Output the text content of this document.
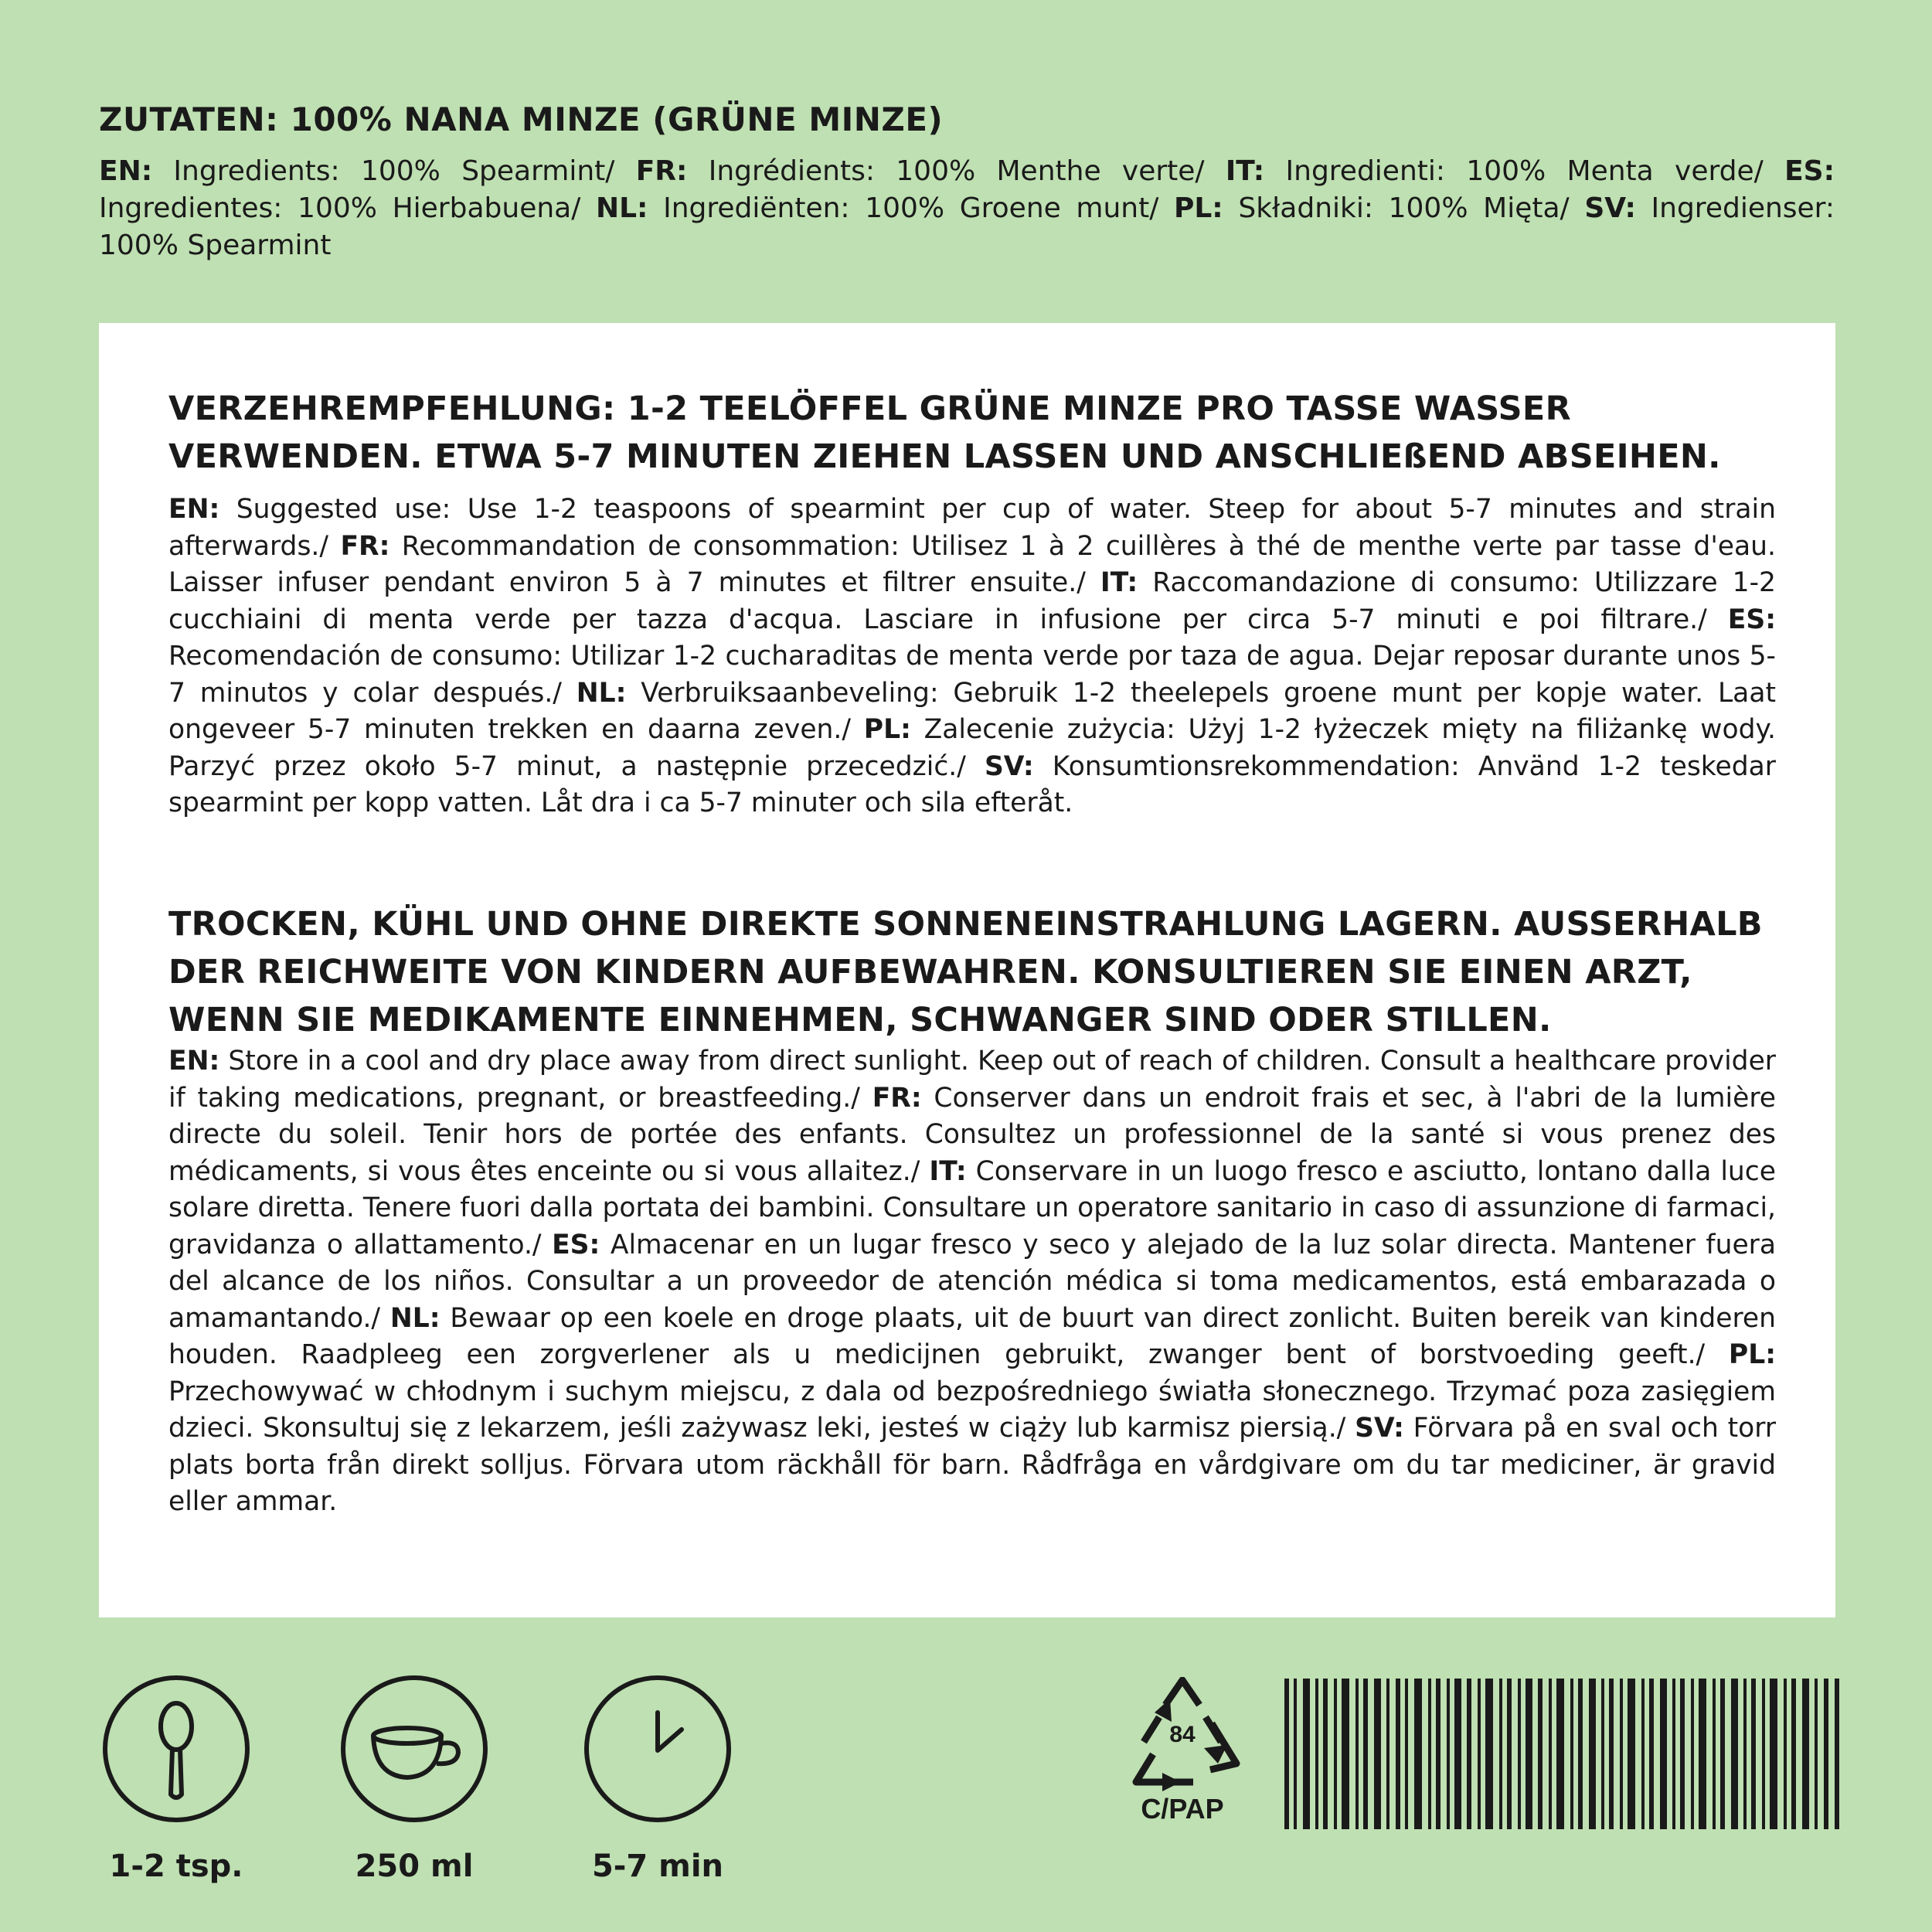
ZUTATEN: 100% NANA MINZE (GRÜNE MINZE)

EN: Ingredients: 100% Spearmint/ FR: Ingrédients: 100% Menthe verte/ IT: Ingredienti: 100% Menta verde/ ES: Ingredientes: 100% Hierbabuena/ NL: Ingrediënten: 100% Groene munt/ PL: Składniki: 100% Mięta/ SV: Ingredienser: 100% Spearmint

VERZEHREMPFEHLUNG: 1-2 TEELÖFFEL GRÜNE MINZE PRO TASSE WASSER VERWENDEN. ETWA 5-7 MINUTEN ZIEHEN LASSEN UND ANSCHLIEßEND ABSEIHEN.

EN: Suggested use: Use 1-2 teaspoons of spearmint per cup of water. Steep for about 5-7 minutes and strain afterwards./ FR: Recommandation de consommation: Utilisez 1 à 2 cuillères à thé de menthe verte par tasse d'eau. Laisser infuser pendant environ 5 à 7 minutes et filtrer ensuite./ IT: Raccomandazione di consumo: Utilizzare 1-2 cucchiaini di menta verde per tazza d'acqua. Lasciare in infusione per circa 5-7 minuti e poi filtrare./ ES: Recomendación de consumo: Utilizar 1-2 cucharaditas de menta verde por taza de agua. Dejar reposar durante unos 5-7 minutos y colar después./ NL: Verbruiksaanbeveling: Gebruik 1-2 theelepels groene munt per kopje water. Laat ongeveer 5-7 minuten trekken en daarna zeven./ PL: Zalecenie zużycia: Użyj 1-2 łyżeczek mięty na filiżankę wody. Parzyć przez około 5-7 minut, a następnie przecedzić./ SV: Konsumtionsrekommendation: Använd 1-2 teskedar spearmint per kopp vatten. Låt dra i ca 5-7 minuter och sila efteråt.

TROCKEN, KÜHL UND OHNE DIREKTE SONNENEINSTRAHLUNG LAGERN. AUSSERHALB DER REICHWEITE VON KINDERN AUFBEWAHREN. KONSULTIEREN SIE EINEN ARZT, WENN SIE MEDIKAMENTE EINNEHMEN, SCHWANGER SIND ODER STILLEN.

EN: Store in a cool and dry place away from direct sunlight. Keep out of reach of children. Consult a healthcare provider if taking medications, pregnant, or breastfeeding./ FR: Conserver dans un endroit frais et sec, à l'abri de la lumière directe du soleil. Tenir hors de portée des enfants. Consultez un professionnel de la santé si vous prenez des médicaments, si vous êtes enceinte ou si vous allaitez./ IT: Conservare in un luogo fresco e asciutto, lontano dalla luce solare diretta. Tenere fuori dalla portata dei bambini. Consultare un operatore sanitario in caso di assunzione di farmaci, gravidanza o allattamento./ ES: Almacenar en un lugar fresco y seco y alejado de la luz solar directa. Mantener fuera del alcance de los niños. Consultar a un proveedor de atención médica si toma medicamentos, está embarazada o amamantando./ NL: Bewaar op een koele en droge plaats, uit de buurt van direct zonlicht. Buiten bereik van kinderen houden. Raadpleeg een zorgverlener als u medicijnen gebruikt, zwanger bent of borstvoeding geeft./ PL: Przechowywać w chłodnym i suchym miejscu, z dala od bezpośredniego światła słonecznego. Trzymać poza zasięgiem dzieci. Skonsultuj się z lekarzem, jeśli zażywasz leki, jesteś w ciąży lub karmisz piersią./ SV: Förvara på en sval och torr plats borta från direkt solljus. Förvara utom räckhåll för barn. Rådfråga en vårdgivare om du tar mediciner, är gravid eller ammar.

1-2 tsp.	250 ml	5-7 min
84
C/PAP
